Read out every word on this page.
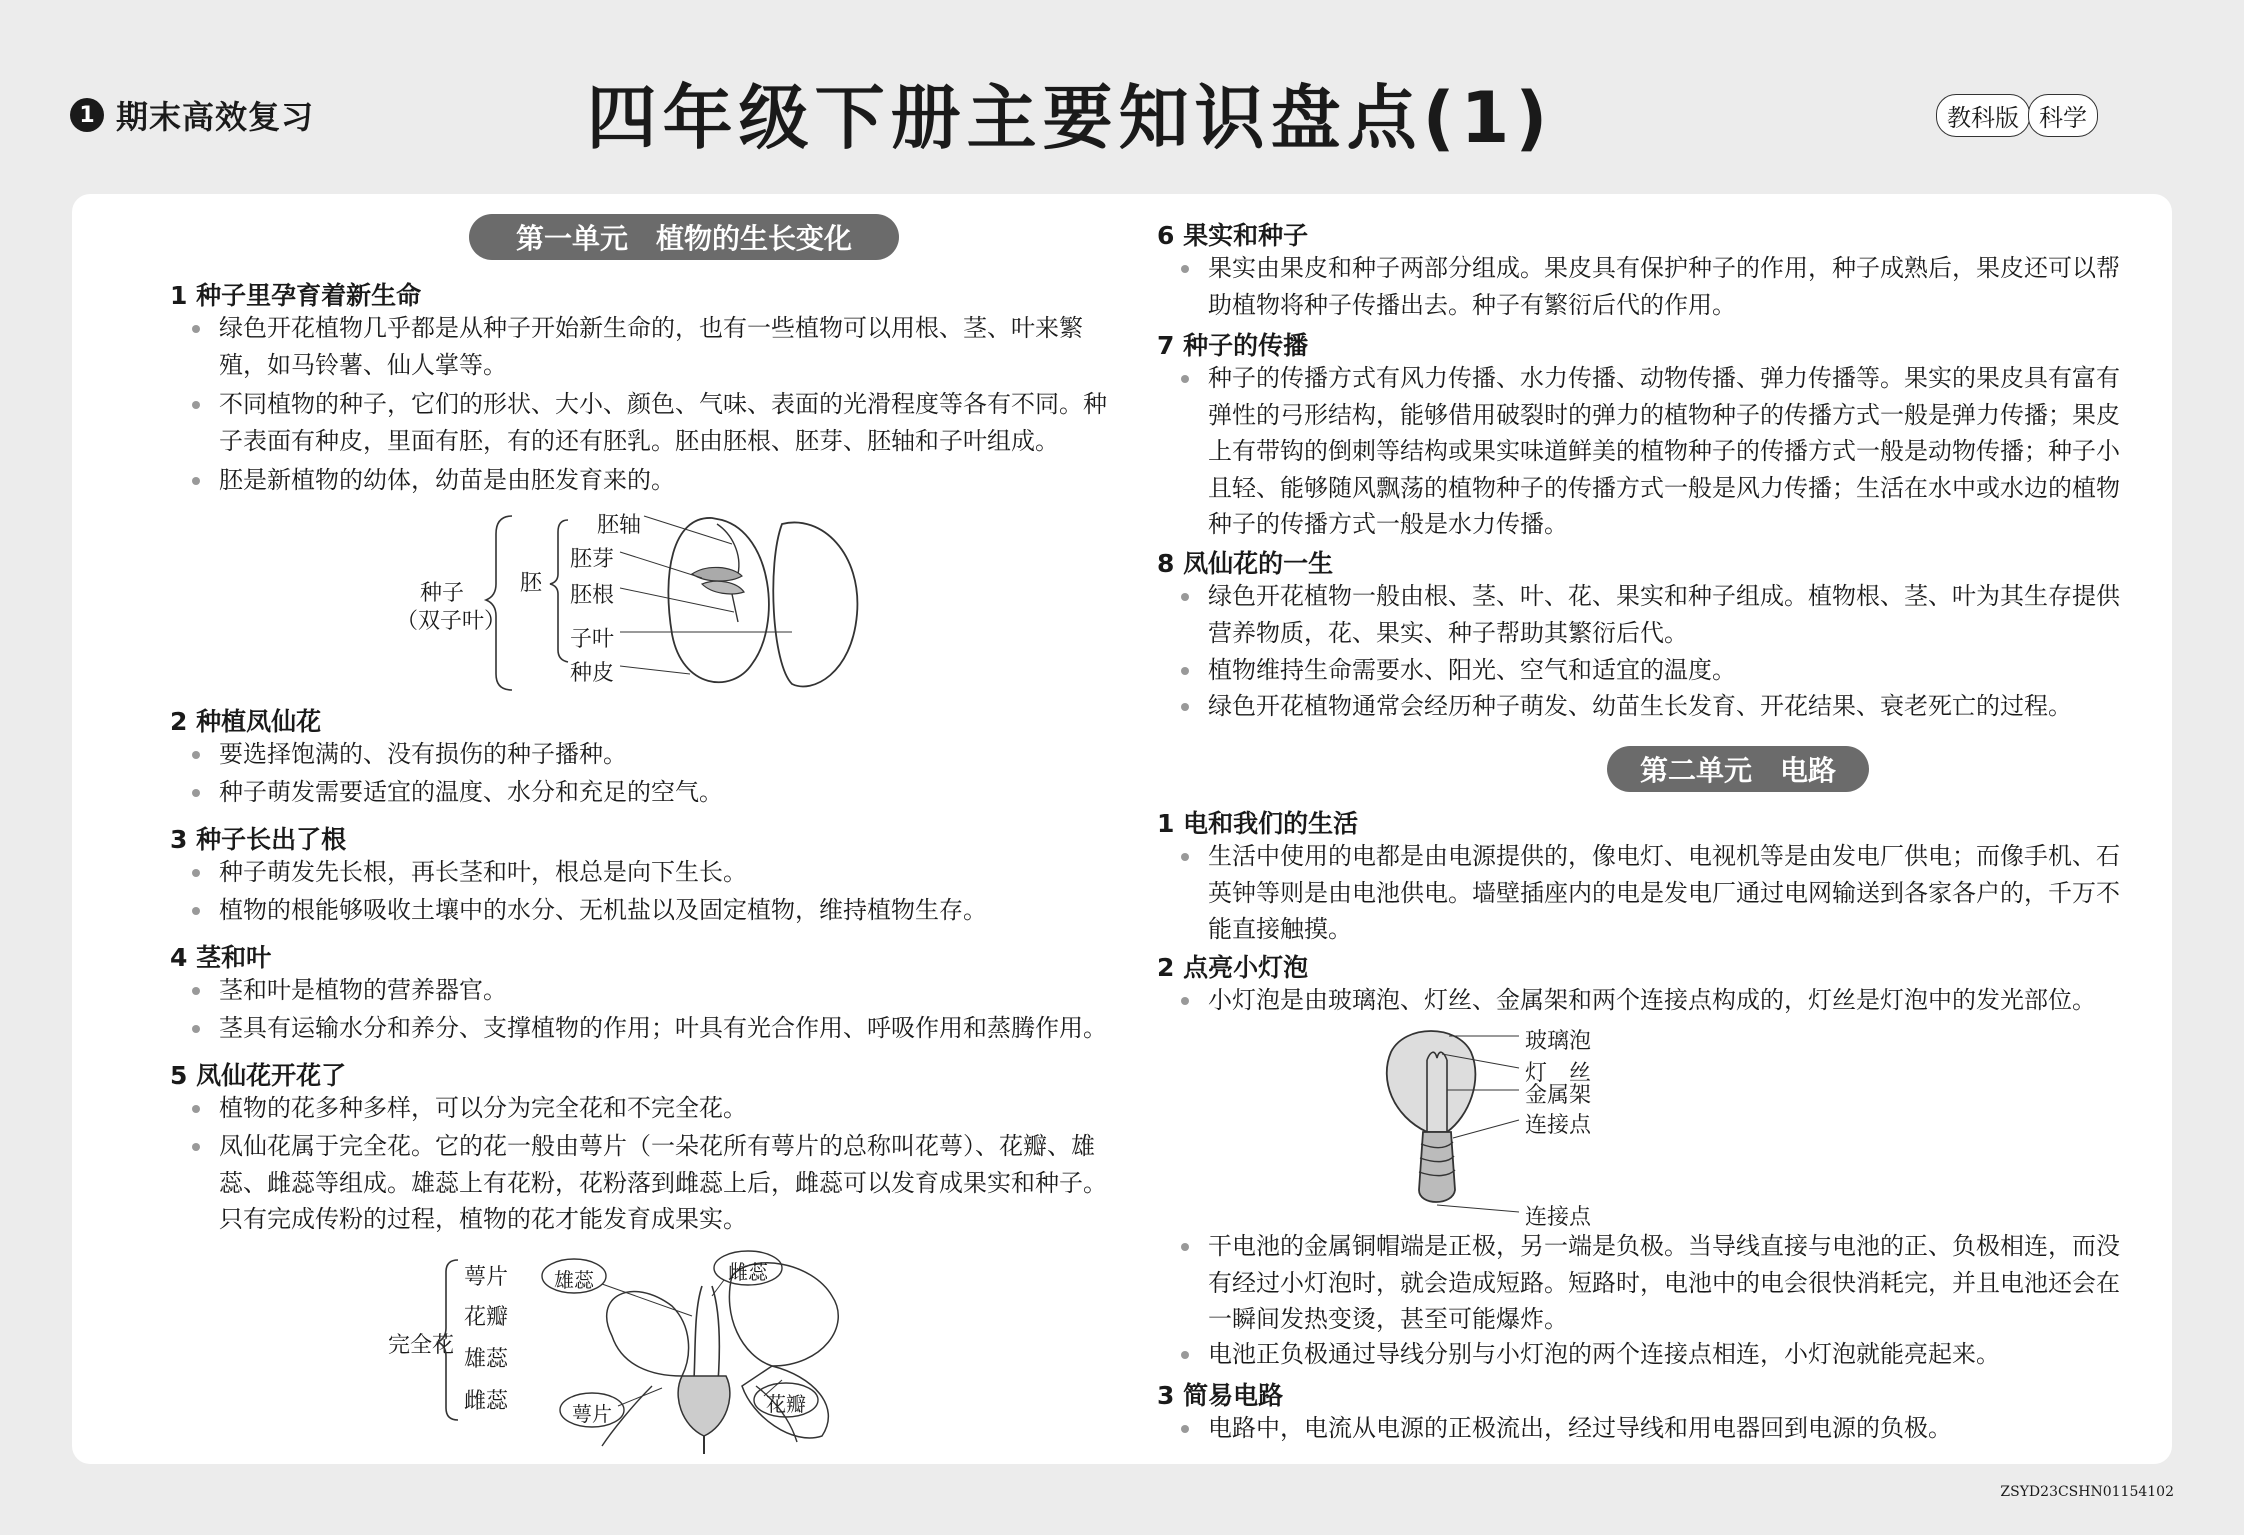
1 期末高效复习	四年级下册主要知识盘点(1)	教科版 科学
第一单元　植物的生长变化
1 种子里孕育着新生命
绿色开花植物几乎都是从种子开始新生命的，也有一些植物可以用根、茎、叶来繁殖，如马铃薯、仙人掌等。
不同植物的种子，它们的形状、大小、颜色、气味、表面的光滑程度等各有不同。种子表面有种皮，里面有胚，有的还有胚乳。胚由胚根、胚芽、胚轴和子叶组成。
胚是新植物的幼体，幼苗是由胚发育来的。
种子
（双子叶）
胚
胚轴
胚芽
胚根
子叶
种皮
2 种植凤仙花
要选择饱满的、没有损伤的种子播种。
种子萌发需要适宜的温度、水分和充足的空气。
3 种子长出了根
种子萌发先长根，再长茎和叶，根总是向下生长。
植物的根能够吸收土壤中的水分、无机盐以及固定植物，维持植物生存。
4 茎和叶
茎和叶是植物的营养器官。
茎具有运输水分和养分、支撑植物的作用；叶具有光合作用、呼吸作用和蒸腾作用。
5 凤仙花开花了
植物的花多种多样，可以分为完全花和不完全花。
凤仙花属于完全花。它的花一般由萼片（一朵花所有萼片的总称叫花萼）、花瓣、雄蕊、雌蕊等组成。雄蕊上有花粉，花粉落到雌蕊上后，雌蕊可以发育成果实和种子。只有完成传粉的过程，植物的花才能发育成果实。
完全花
萼片
花瓣
雄蕊
雌蕊
雄蕊	雌蕊
萼片	花瓣
6 果实和种子
果实由果皮和种子两部分组成。果皮具有保护种子的作用，种子成熟后，果皮还可以帮助植物将种子传播出去。种子有繁衍后代的作用。
7 种子的传播
种子的传播方式有风力传播、水力传播、动物传播、弹力传播等。果实的果皮具有富有弹性的弓形结构，能够借用破裂时的弹力的植物种子的传播方式一般是弹力传播；果皮上有带钩的倒刺等结构或果实味道鲜美的植物种子的传播方式一般是动物传播；种子小且轻、能够随风飘荡的植物种子的传播方式一般是风力传播；生活在水中或水边的植物种子的传播方式一般是水力传播。
8 凤仙花的一生
绿色开花植物一般由根、茎、叶、花、果实和种子组成。植物根、茎、叶为其生存提供营养物质，花、果实、种子帮助其繁衍后代。
植物维持生命需要水、阳光、空气和适宜的温度。
绿色开花植物通常会经历种子萌发、幼苗生长发育、开花结果、衰老死亡的过程。
第二单元　电路
1 电和我们的生活
生活中使用的电都是由电源提供的，像电灯、电视机等是由发电厂供电；而像手机、石英钟等则是由电池供电。墙壁插座内的电是发电厂通过电网输送到各家各户的，千万不能直接触摸。
2 点亮小灯泡
小灯泡是由玻璃泡、灯丝、金属架和两个连接点构成的，灯丝是灯泡中的发光部位。
玻璃泡
灯　丝
金属架
连接点
连接点
干电池的金属铜帽端是正极，另一端是负极。当导线直接与电池的正、负极相连，而没有经过小灯泡时，就会造成短路。短路时，电池中的电会很快消耗完，并且电池还会在一瞬间发热变烫，甚至可能爆炸。
电池正负极通过导线分别与小灯泡的两个连接点相连，小灯泡就能亮起来。
3 简易电路
电路中，电流从电源的正极流出，经过导线和用电器回到电源的负极。
ZSYD23CSHN01154102
